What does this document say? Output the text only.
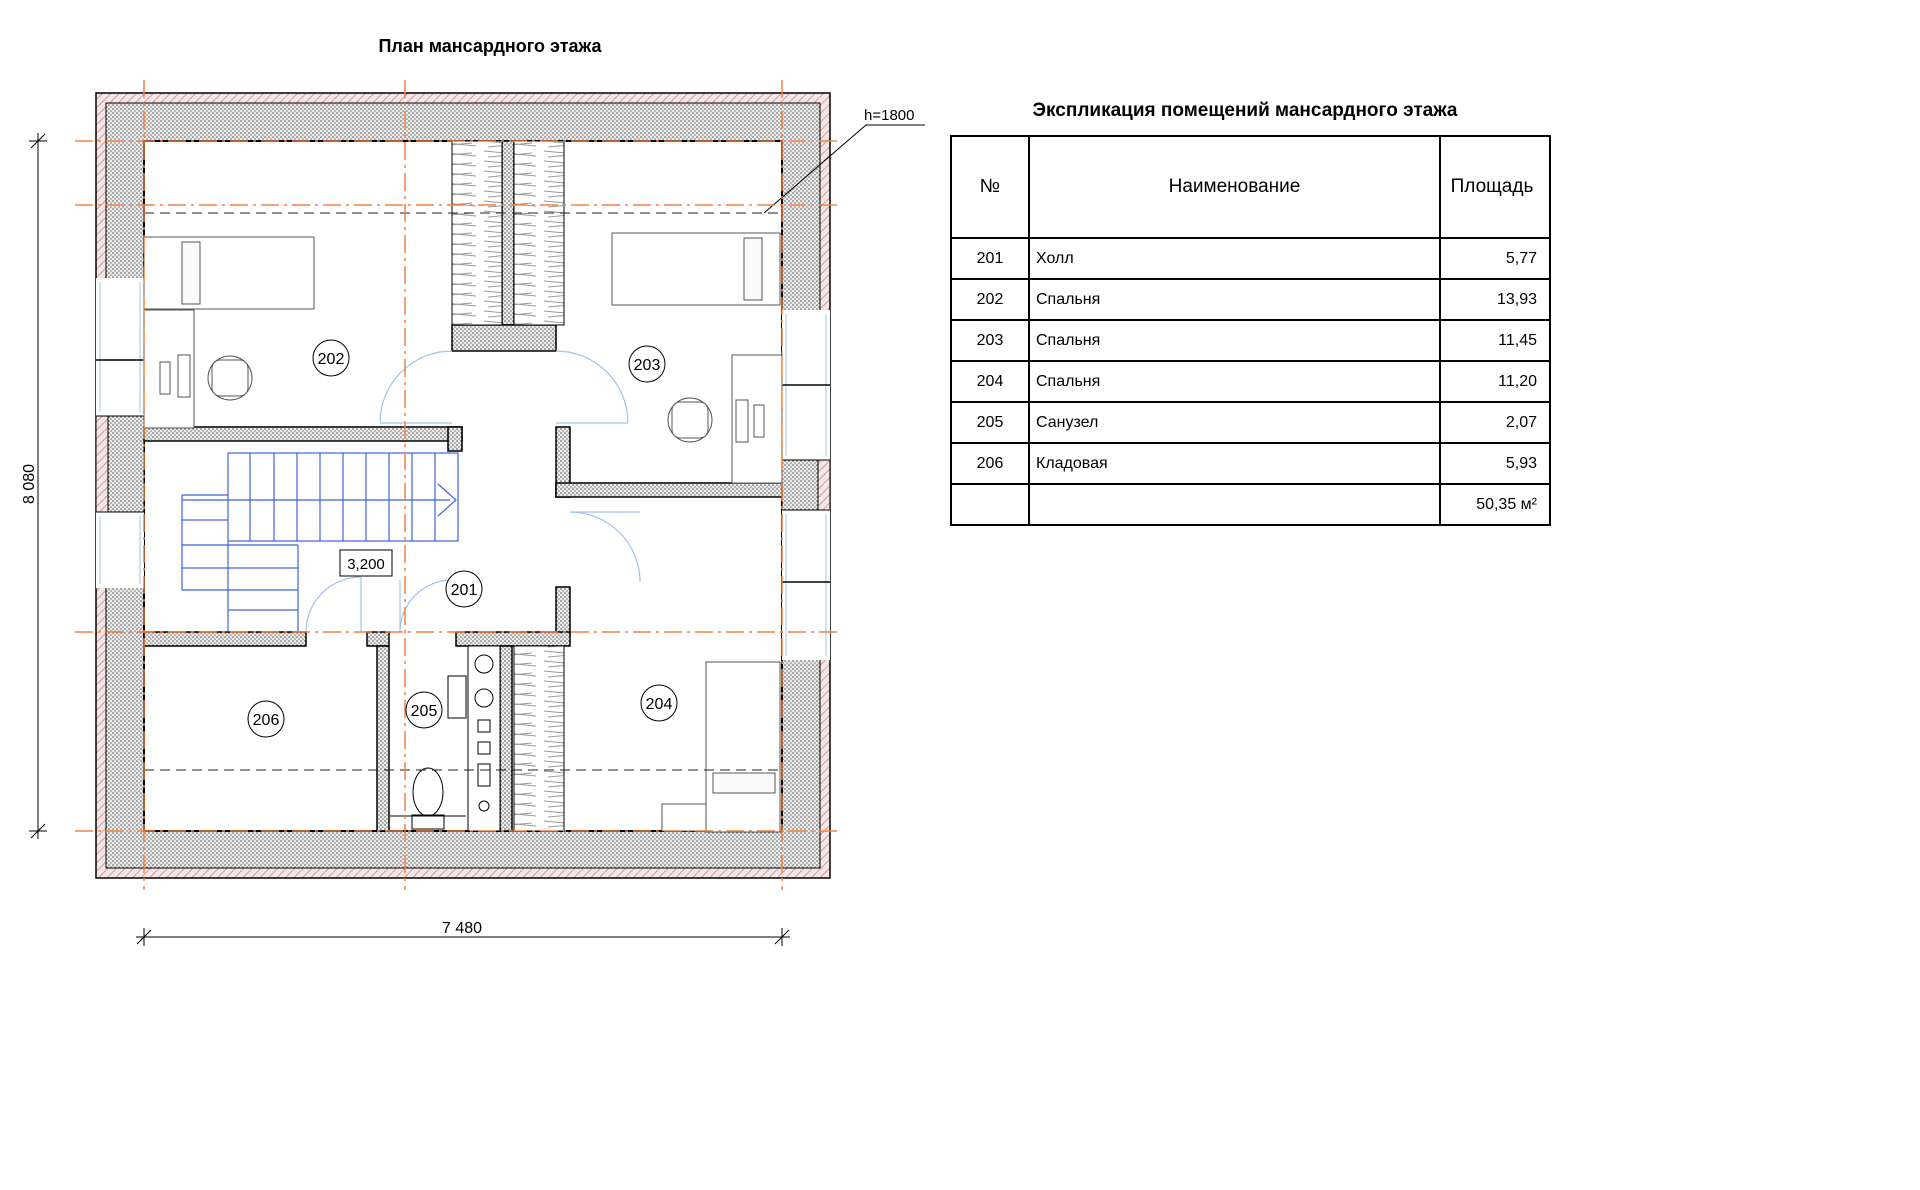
h=1800
201
202	203
204
205
206
3,200
7 480
8 080
План мансардного этажа
Экспликация помещений мансардного этажа
№	Наименование	Площадь
201	Холл	5,77
202	Спальня	13,93
203	Спальня	11,45
204	Спальня	11,20
205	Санузел	2,07
206	Кладовая	5,93
		50,35 м²
